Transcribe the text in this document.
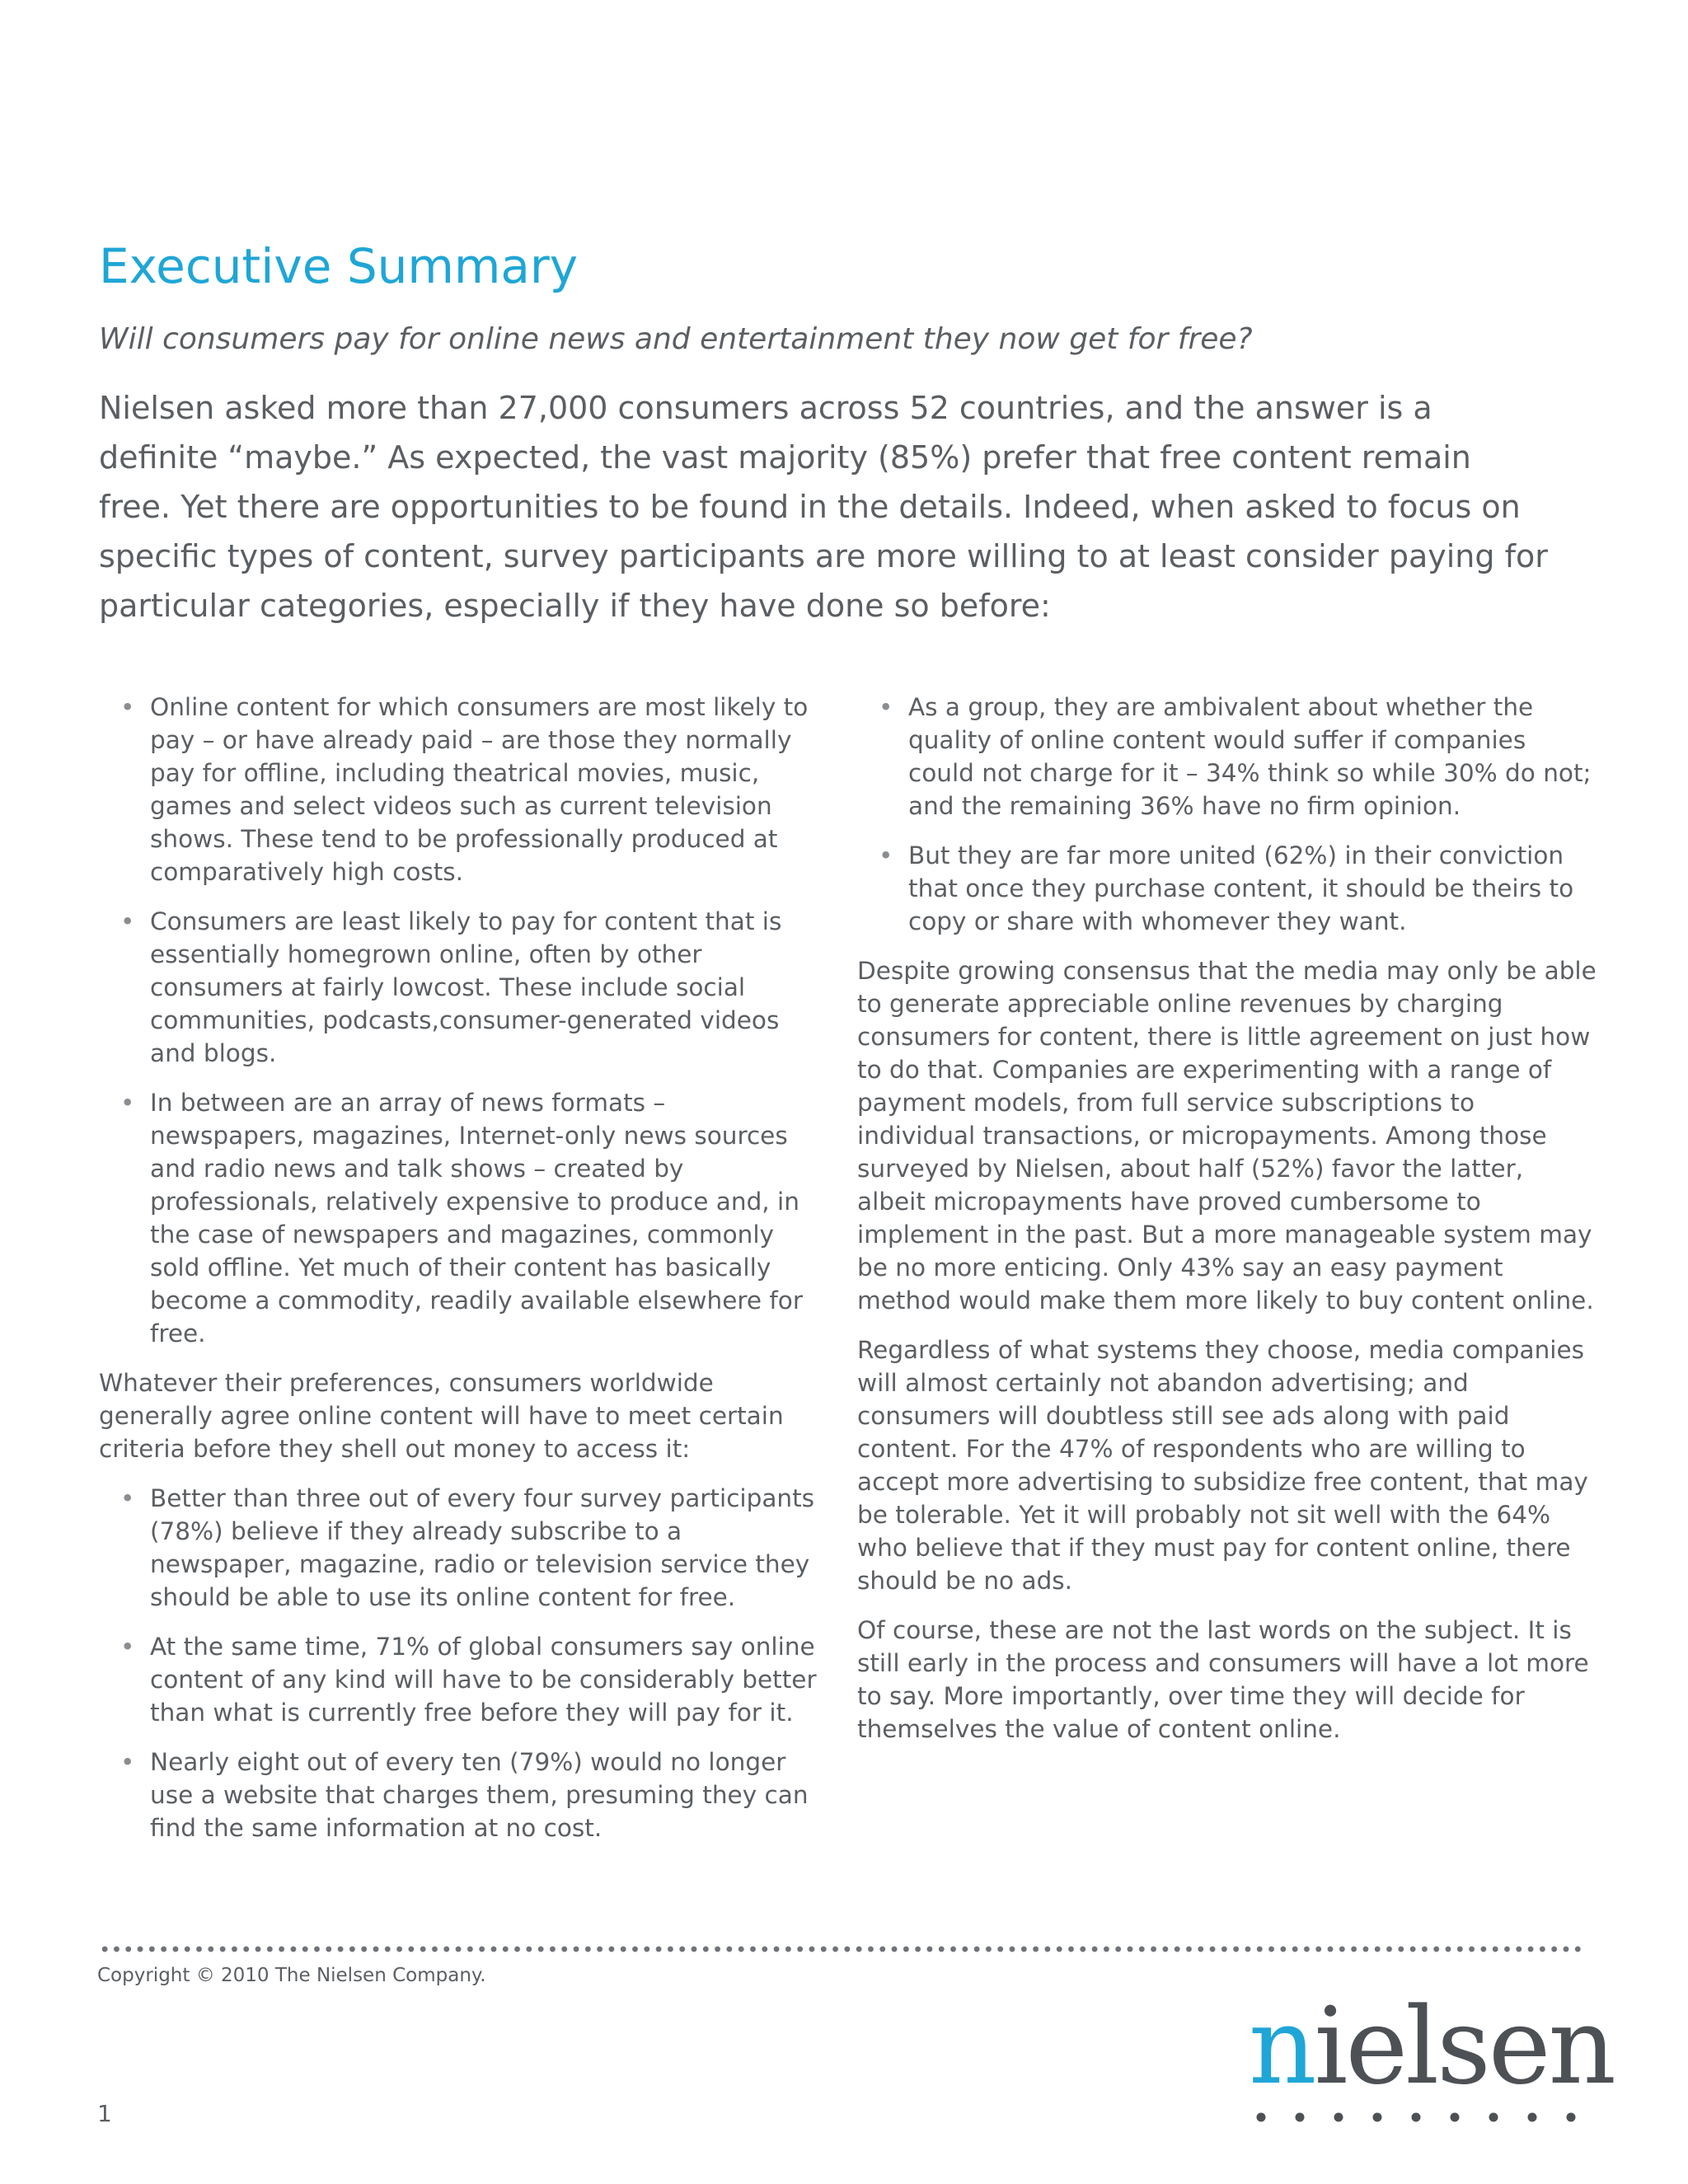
Executive Summary

Will consumers pay for online news and entertainment they now get for free?

Nielsen asked more than 27,000 consumers across 52 countries, and the answer is a definite “maybe.” As expected, the vast majority (85%) prefer that free content remain free. Yet there are opportunities to be found in the details. Indeed, when asked to focus on specific types of content, survey participants are more willing to at least consider paying for particular categories, especially if they have done so before:

• Online content for which consumers are most likely to pay – or have already paid – are those they normally pay for offline, including theatrical movies, music, games and select videos such as current television shows. These tend to be professionally produced at comparatively high costs.
• Consumers are least likely to pay for content that is essentially homegrown online, often by other consumers at fairly lowcost. These include social communities, podcasts,consumer-generated videos and blogs.
• In between are an array of news formats – newspapers, magazines, Internet-only news sources and radio news and talk shows – created by professionals, relatively expensive to produce and, in the case of newspapers and magazines, commonly sold offline. Yet much of their content has basically become a commodity, readily available elsewhere for free.

Whatever their preferences, consumers worldwide generally agree online content will have to meet certain criteria before they shell out money to access it:

• Better than three out of every four survey participants (78%) believe if they already subscribe to a newspaper, magazine, radio or television service they should be able to use its online content for free.
• At the same time, 71% of global consumers say online content of any kind will have to be considerably better than what is currently free before they will pay for it.
• Nearly eight out of every ten (79%) would no longer use a website that charges them, presuming they can find the same information at no cost.
• As a group, they are ambivalent about whether the quality of online content would suffer if companies could not charge for it – 34% think so while 30% do not; and the remaining 36% have no firm opinion.
• But they are far more united (62%) in their conviction that once they purchase content, it should be theirs to copy or share with whomever they want.

Despite growing consensus that the media may only be able to generate appreciable online revenues by charging consumers for content, there is little agreement on just how to do that. Companies are experimenting with a range of payment models, from full service subscriptions to individual transactions, or micropayments. Among those surveyed by Nielsen, about half (52%) favor the latter, albeit micropayments have proved cumbersome to implement in the past. But a more manageable system may be no more enticing. Only 43% say an easy payment method would make them more likely to buy content online.

Regardless of what systems they choose, media companies will almost certainly not abandon advertising; and consumers will doubtless still see ads along with paid content. For the 47% of respondents who are willing to accept more advertising to subsidize free content, that may be tolerable. Yet it will probably not sit well with the 64% who believe that if they must pay for content online, there should be no ads.

Of course, these are not the last words on the subject. It is still early in the process and consumers will have a lot more to say. More importantly, over time they will decide for themselves the value of content online.

Copyright © 2010 The Nielsen Company.
1
nielsen
